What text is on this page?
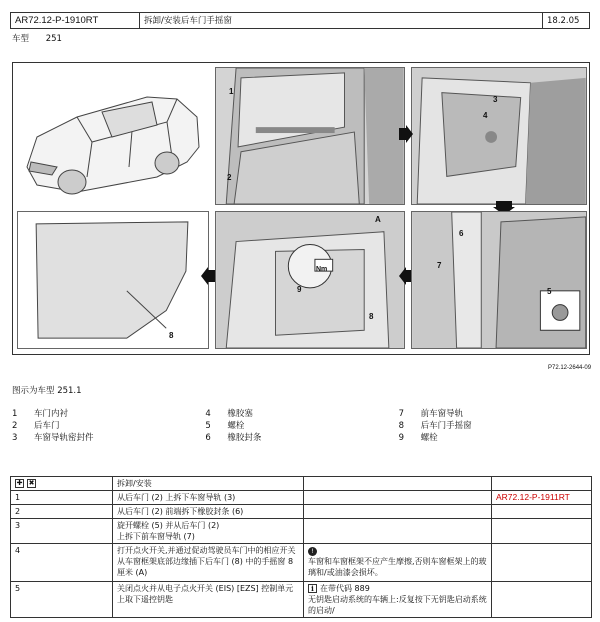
AR72.12-P-1910RT	拆卸/安装后车门手摇窗	18.2.05
车型 251
1
2
3
4
8
Nm
9
8
A
6
7
5
P72.12-2644-09
图示为车型 251.1
1	车门内衬	4	橡胶塞	7	前车窗导轨
2	后车门	5	螺栓	8	后车门手摇窗
3	车窗导轨密封件	6	橡胶封条	9	螺栓
✚ ✖	拆卸/安装		
1	从后车门 (2) 上拆下车窗导轨 (3)		AR72.12-P-1911RT
2	从后车门 (2) 前端拆下橡胶封条 (6)		
3	旋开螺栓 (5) 并从后车门 (2)
上拆下前车窗导轨 (7)		
4	打开点火开关,并通过促动驾驶员车门中的相应开关从车窗框架底部边缘插下后车门 (8) 中的手摇窗 8 厘米 (A)	!
车窗和车窗框架不应产生摩擦,否则车窗框架上的玻璃和/或油漆会损坏。	
5	关闭点火并从电子点火开关 (EIS) [EZS] 控制单元上取下遥控钥匙	i 在带代码 889
无钥匙启动系统的车辆上:反复按下无钥匙启动系统的启动/	
